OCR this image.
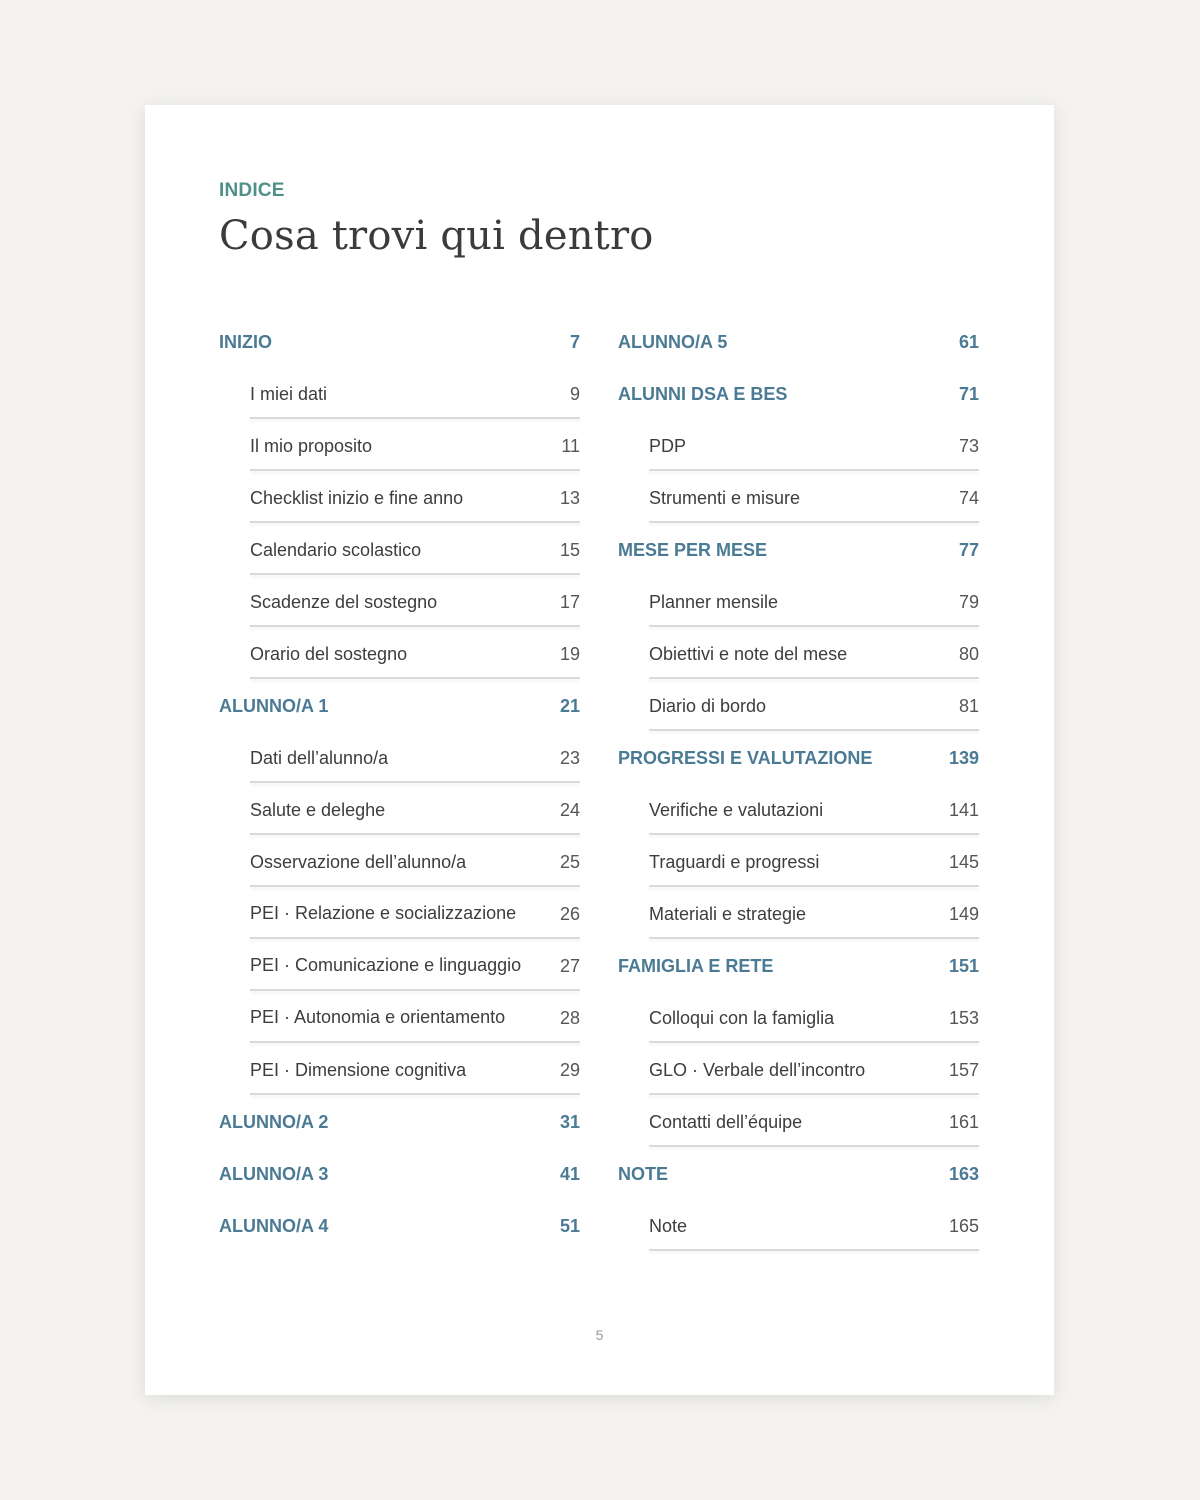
INDICE
Cosa trovi qui dentro
INIZIO	7
I miei dati	9
Il mio proposito	11
Checklist inizio e fine anno	13
Calendario scolastico	15
Scadenze del sostegno	17
Orario del sostegno	19
ALUNNO/A 1	21
Dati dell’alunno/a	23
Salute e deleghe	24
Osservazione dell’alunno/a	25
PEI · Relazione e socializzazione 26
PEI · Comunicazione e linguaggio 27
PEI · Autonomia e orientamento	28
PEI · Dimensione cognitiva	29
ALUNNO/A 2	31
ALUNNO/A 3	41
ALUNNO/A 4	51
ALUNNO/A 5	61
ALUNNI DSA E BES	71
PDP	73
Strumenti e misure	74
MESE PER MESE	77
Planner mensile	79
Obiettivi e note del mese	80
Diario di bordo	81
PROGRESSI E VALUTAZIONE	139
Verifiche e valutazioni	141
Traguardi e progressi	145
Materiali e strategie	149
FAMIGLIA E RETE	151
Colloqui con la famiglia	153
GLO · Verbale dell’incontro	157
Contatti dell’équipe	161
NOTE	163
Note	165
5
